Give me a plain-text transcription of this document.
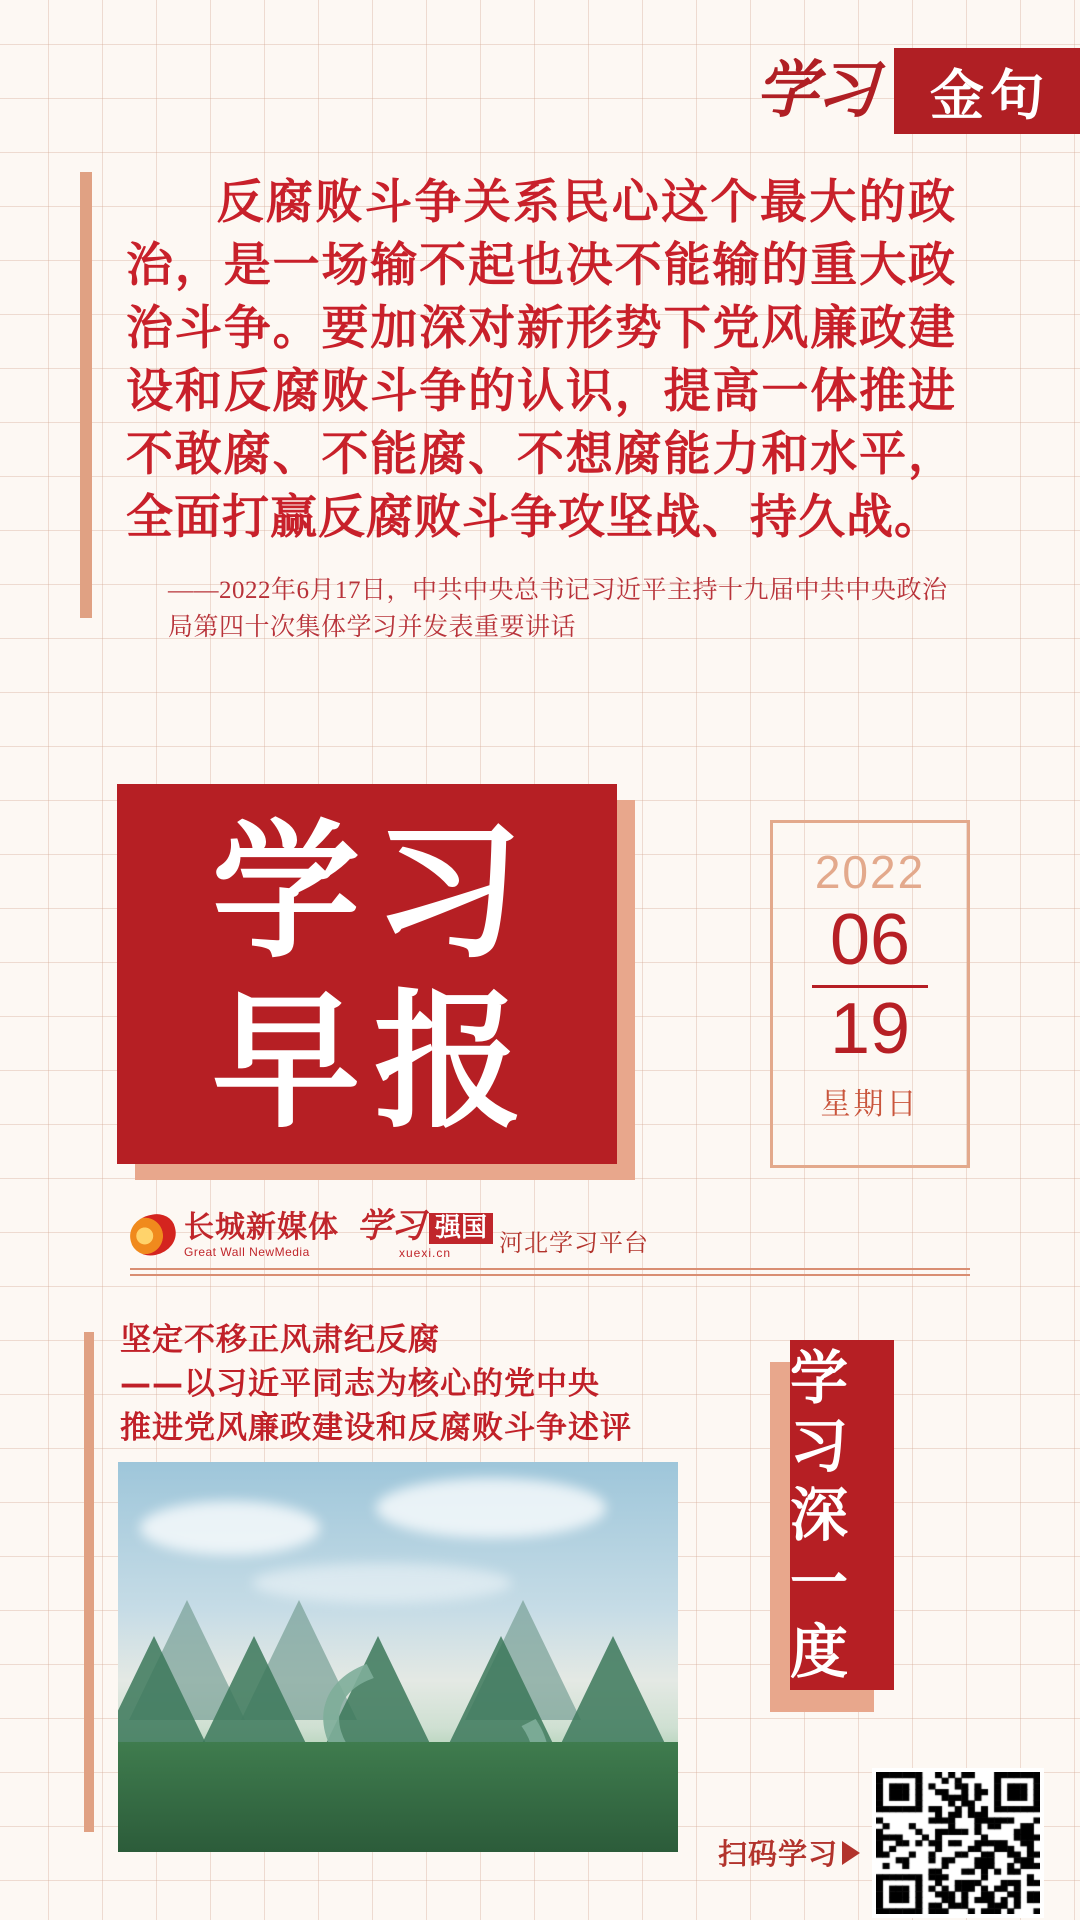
学习	金句

反腐败斗争关系民心这个最大的政治，是一场输不起也决不能输的重大政治斗争。要加深对新形势下党风廉政建设和反腐败斗争的认识，提高一体推进不敢腐、不能腐、不想腐能力和水平，全面打赢反腐败斗争攻坚战、持久战。

——2022年6月17日，中共中央总书记习近平主持十九届中共中央政治局第四十次集体学习并发表重要讲话

学习
早报
2022
06
19
星期日
长城新媒体
Great Wall NewMedia
学习 强国
xuexi.cn	河北学习平台
坚定不移正风肃纪反腐
——以习近平同志为核心的党中央
推进党风廉政建设和反腐败斗争述评
学习深一度
扫码学习
